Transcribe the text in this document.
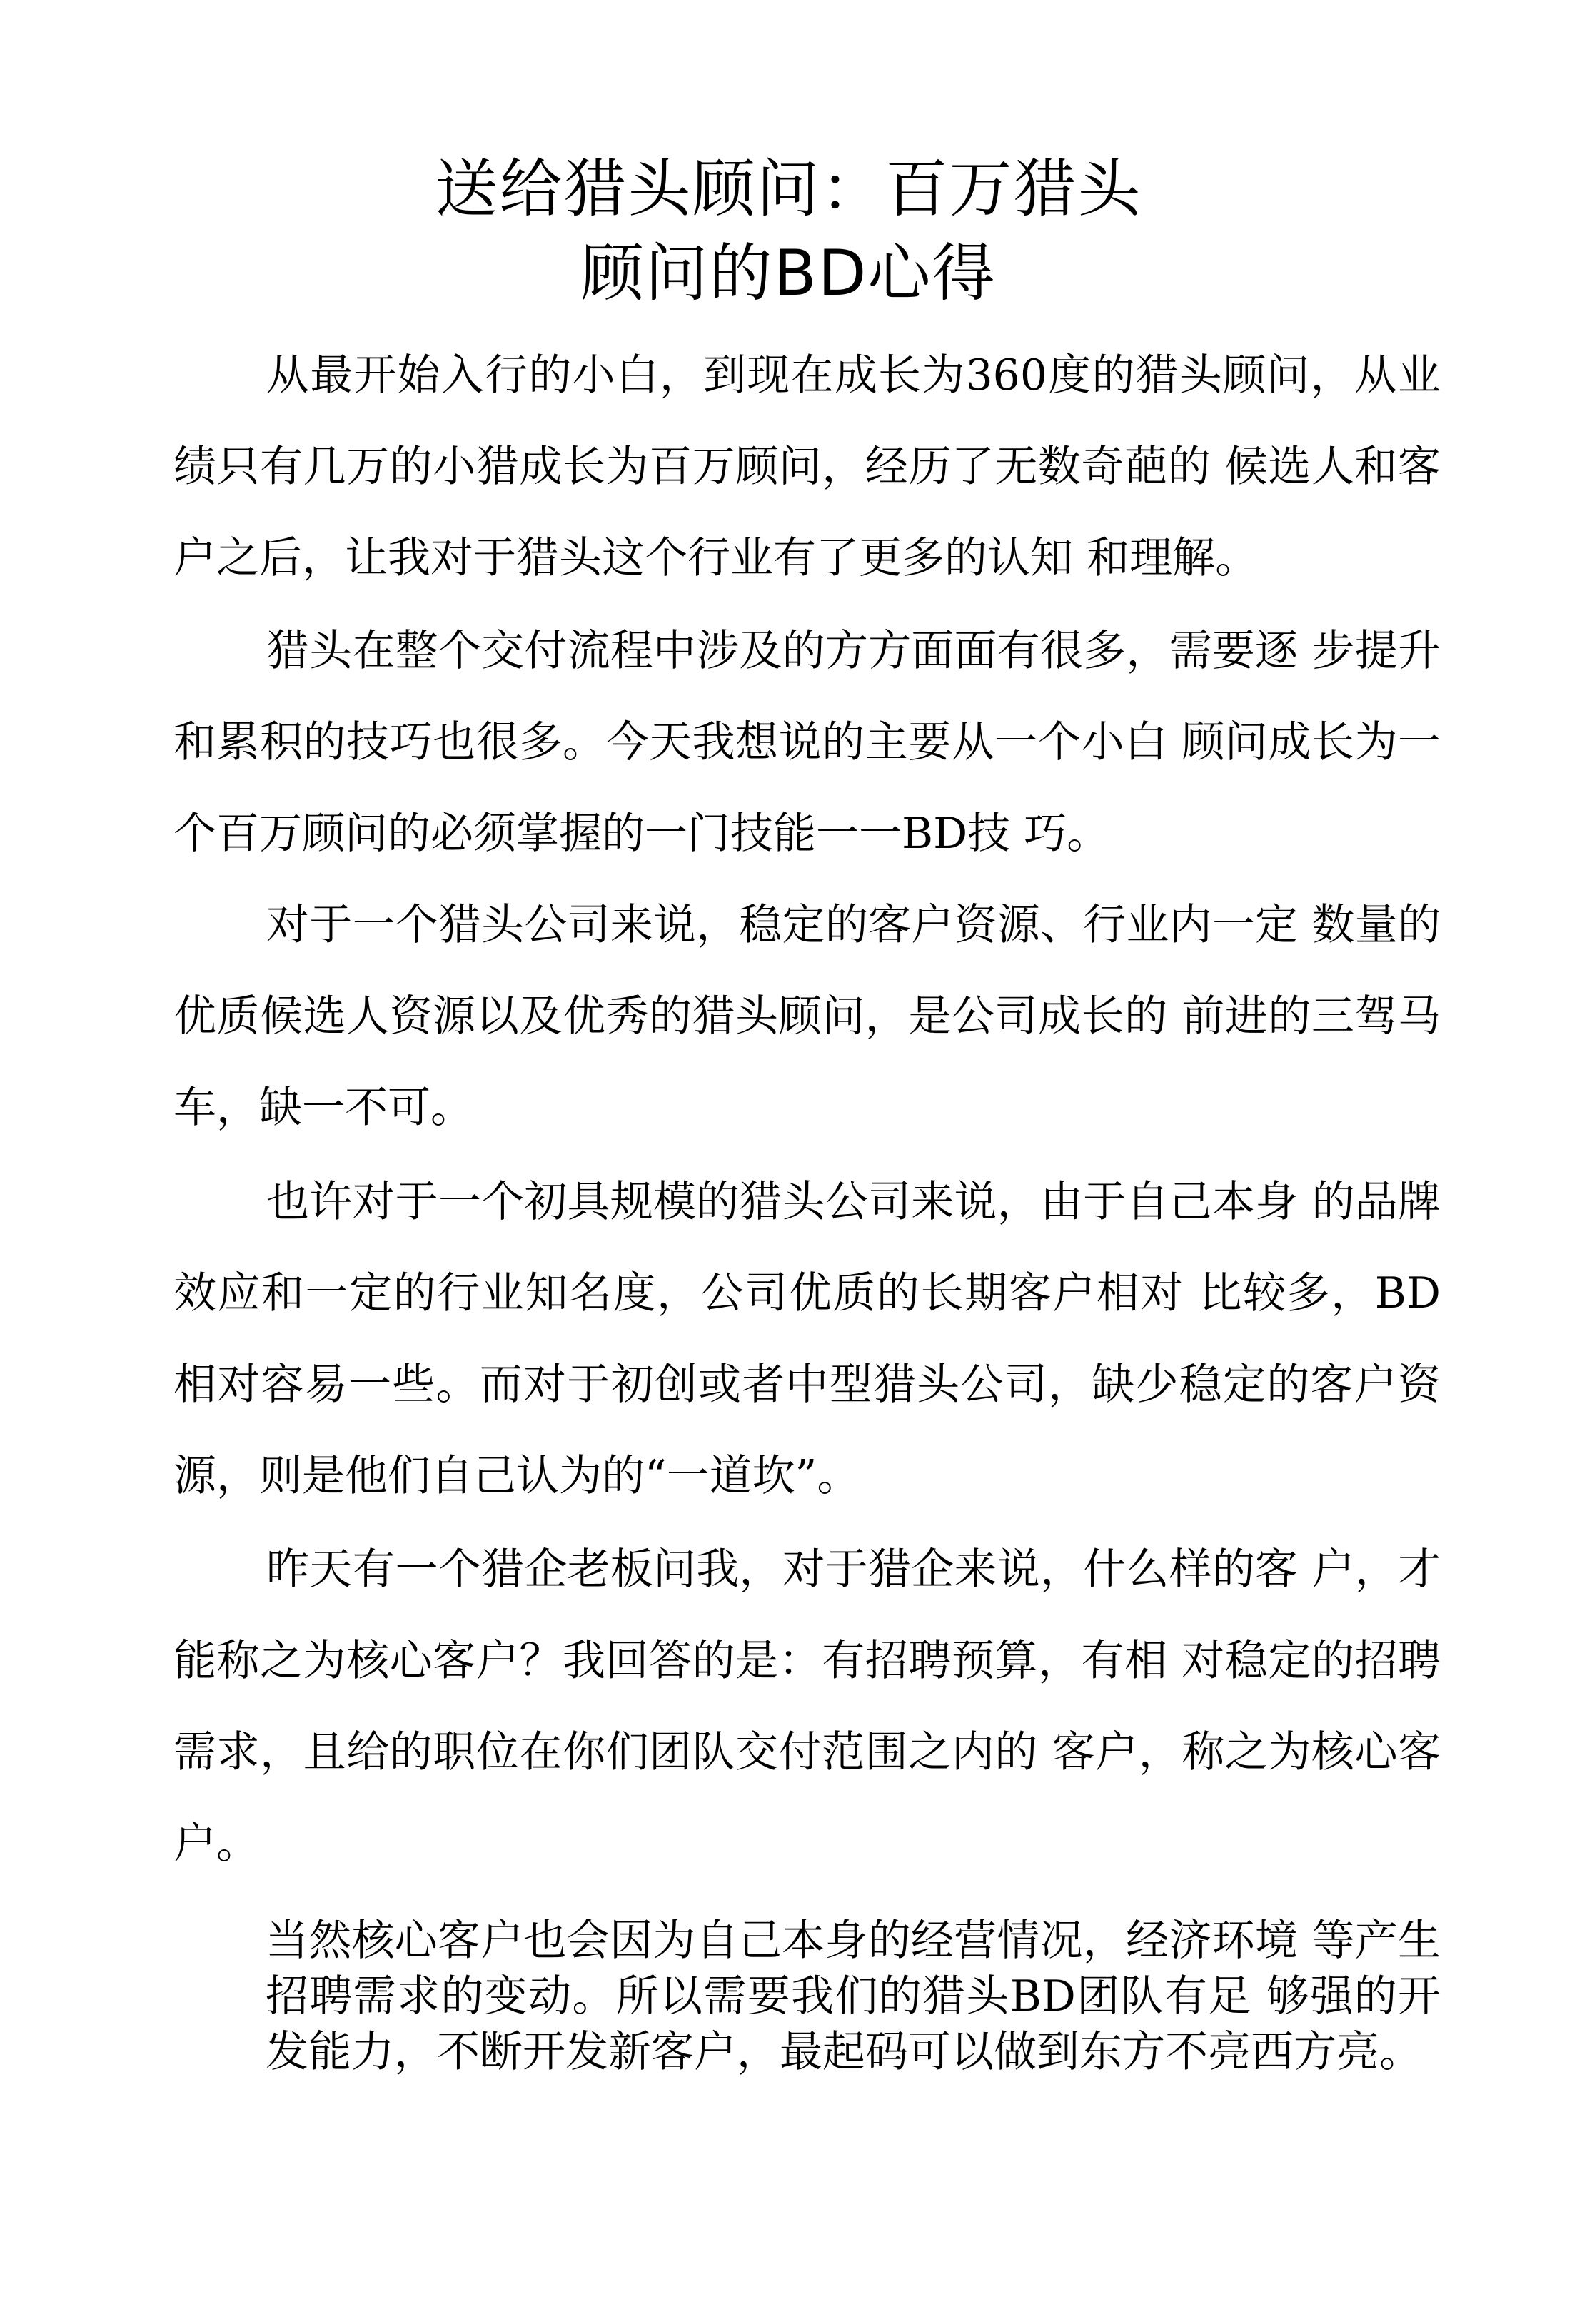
送给猎头顾问：百万猎头
顾问的BD心得

从最开始入行的小白，到现在成长为360度的猎头顾问，从业绩只有几万的小猎成长为百万顾问，经历了无数奇葩的 候选人和客户之后，让我对于猎头这个行业有了更多的认知 和理解。

猎头在整个交付流程中涉及的方方面面有很多，需要逐 步提升和累积的技巧也很多。今天我想说的主要从一个小白 顾问成长为一个百万顾问的必须掌握的一门技能一一BD技 巧。

对于一个猎头公司来说，稳定的客户资源、行业内一定 数量的优质候选人资源以及优秀的猎头顾问，是公司成长的 前进的三驾马车，缺一不可。

也许对于一个初具规模的猎头公司来说，由于自己本身 的品牌效应和一定的行业知名度，公司优质的长期客户相对 比较多，BD相对容易一些。而对于初创或者中型猎头公司，缺少稳定的客户资源，则是他们自己认为的“一道坎”。

昨天有一个猎企老板问我，对于猎企来说，什么样的客 户，才能称之为核心客户？我回答的是：有招聘预算，有相 对稳定的招聘需求，且给的职位在你们团队交付范围之内的 客户，称之为核心客户。

当然核心客户也会因为自己本身的经营情况，经济环境 等产生招聘需求的变动。所以需要我们的猎头BD团队有足 够强的开发能力，不断开发新客户，最起码可以做到东方不亮西方亮。
